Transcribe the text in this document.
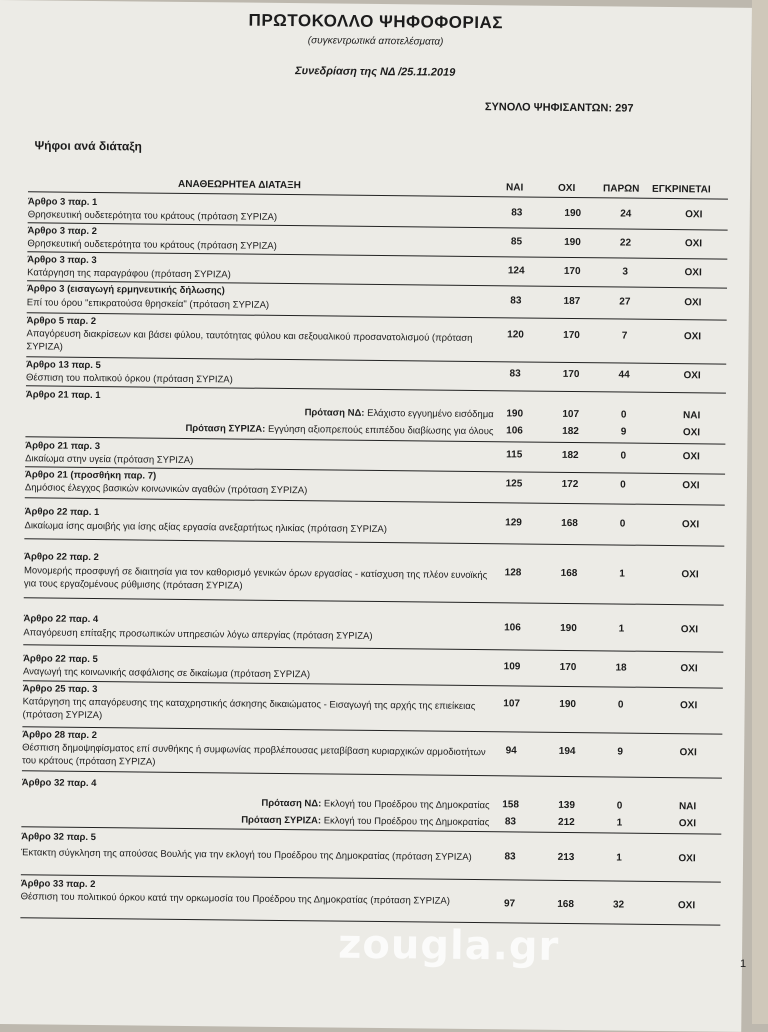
ΠΡΩΤΟΚΟΛΛΟ ΨΗΦΟΦΟΡΙΑΣ
(συγκεντρωτικά αποτελέσματα)
Συνεδρίαση της ΝΔ /25.11.2019
ΣΥΝΟΛΟ ΨΗΦΙΣΑΝΤΩΝ: 297
Ψήφοι ανά διάταξη
ΑΝΑΘΕΩΡΗΤΕΑ ΔΙΑΤΑΞΗ	ΝΑΙ	ΟΧΙ	ΠΑΡΩΝ ΕΓΚΡΙΝΕΤΑΙ
Άρθρο 3 παρ. 1
Θρησκευτική ουδετερότητα του κράτους (πρόταση ΣΥΡΙΖΑ)	83	190	24	ΟΧΙ
Άρθρο 3 παρ. 2
Θρησκευτική ουδετερότητα του κράτους (πρόταση ΣΥΡΙΖΑ)	85	190	22	ΟΧΙ
Άρθρο 3 παρ. 3
Κατάργηση της παραγράφου (πρόταση ΣΥΡΙΖΑ)	124	170	3	ΟΧΙ
Άρθρο 3 (εισαγωγή ερμηνευτικής δήλωσης)
Επί του όρου "επικρατούσα θρησκεία" (πρόταση ΣΥΡΙΖΑ)	83	187	27	ΟΧΙ
Άρθρο 5 παρ. 2
Απαγόρευση διακρίσεων και βάσει φύλου, ταυτότητας φύλου και σεξουαλικού προσανατολισμού (πρόταση ΣΥΡΙΖΑ)
120	170	7	ΟΧΙ
Άρθρο 13 παρ. 5
Θέσπιση του πολιτικού όρκου (πρόταση ΣΥΡΙΖΑ)	83	170	44	ΟΧΙ
Άρθρο 21 παρ. 1
Πρόταση ΝΔ: Ελάχιστο εγγυημένο εισόδημα	190	107	0	ΝΑΙ
Πρόταση ΣΥΡΙΖΑ: Εγγύηση αξιοπρεπούς επιπέδου διαβίωσης για όλους	106	182	9	ΟΧΙ
Άρθρο 21 παρ. 3
Δικαίωμα στην υγεία (πρόταση ΣΥΡΙΖΑ)	115	182	0	ΟΧΙ
Άρθρο 21 (προσθήκη παρ. 7)
Δημόσιος έλεγχος βασικών κοινωνικών αγαθών (πρόταση ΣΥΡΙΖΑ)	125	172	0	ΟΧΙ
Άρθρο 22 παρ. 1
Δικαίωμα ίσης αμοιβής για ίσης αξίας εργασία ανεξαρτήτως ηλικίας (πρόταση ΣΥΡΙΖΑ)	129	168	0	ΟΧΙ
Άρθρο 22 παρ. 2
Μονομερής προσφυγή σε διαιτησία για τον καθορισμό γενικών όρων εργασίας - κατίσχυση της πλέον ευνοϊκής για τους εργαζομένους ρύθμισης (πρόταση ΣΥΡΙΖΑ)
128	168	1	ΟΧΙ
Άρθρο 22 παρ. 4
Απαγόρευση επίταξης προσωπικών υπηρεσιών λόγω απεργίας (πρόταση ΣΥΡΙΖΑ)	106	190	1	ΟΧΙ
Άρθρο 22 παρ. 5
Αναγωγή της κοινωνικής ασφάλισης σε δικαίωμα (πρόταση ΣΥΡΙΖΑ)	109	170	18	ΟΧΙ
Άρθρο 25 παρ. 3
Κατάργηση της απαγόρευσης της καταχρηστικής άσκησης δικαιώματος - Εισαγωγή της αρχής της επιείκειας (πρόταση ΣΥΡΙΖΑ)
107	190	0	ΟΧΙ
Άρθρο 28 παρ. 2
Θέσπιση δημοψηφίσματος επί συνθήκης ή συμφωνίας προβλέπουσας μεταβίβαση κυριαρχικών αρμοδιοτήτων του κράτους (πρόταση ΣΥΡΙΖΑ)
94	194	9	ΟΧΙ
Άρθρο 32 παρ. 4
Πρόταση ΝΔ: Εκλογή του Προέδρου της Δημοκρατίας	158	139	0	ΝΑΙ
Πρόταση ΣΥΡΙΖΑ: Εκλογή του Προέδρου της Δημοκρατίας	83	212	1	ΟΧΙ
Άρθρο 32 παρ. 5
Έκτακτη σύγκληση της απούσας Βουλής για την εκλογή του Προέδρου της Δημοκρατίας (πρόταση ΣΥΡΙΖΑ)	83	213	1	ΟΧΙ
Άρθρο 33 παρ. 2
Θέσπιση του πολιτικού όρκου κατά την ορκωμοσία του Προέδρου της Δημοκρατίας (πρόταση ΣΥΡΙΖΑ)	97	168	32	ΟΧΙ
zougla.gr	1
